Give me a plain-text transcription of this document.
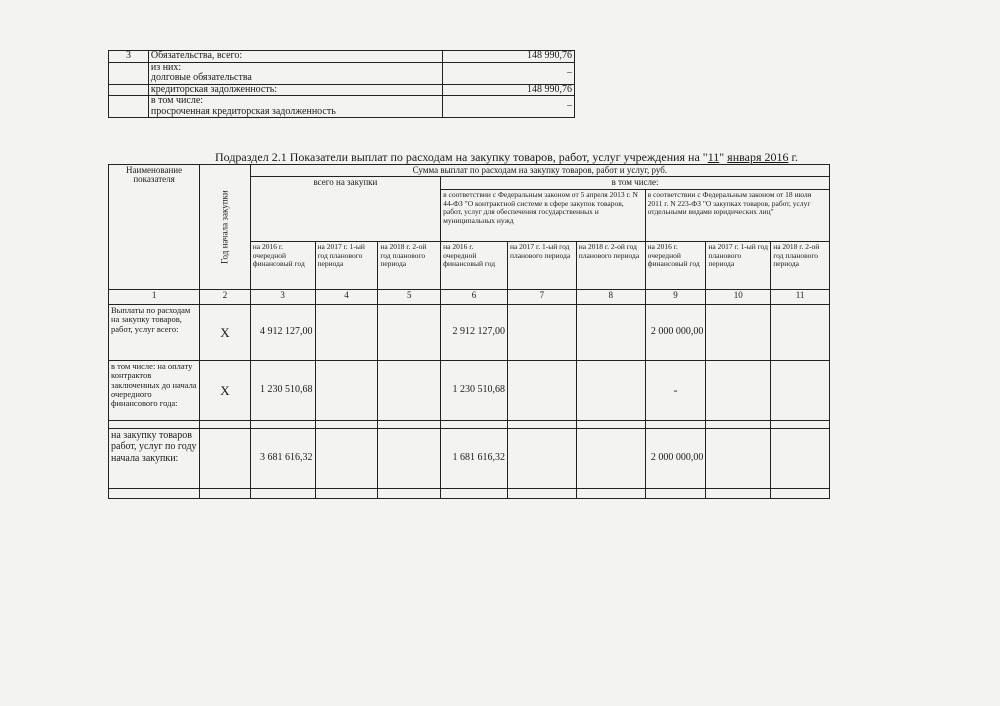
3	Обязательства, всего:	148 990,76
	из них:
долговые обязательства	–
	кредиторская задолженность:	148 990,76
	в том числе:
просроченная кредиторская задолженность	–
Подраздел 2.1 Показатели выплат по расходам на закупку товаров, работ, услуг учреждения на "11" января 2016 г.
Наименование показателя	Год начала закупки	Сумма выплат по расходам на закупку товаров, работ и услуг, руб.								
		всего на закупки			в том числе:					
					в соответствии с Федеральным законом от 5 апреля 2013 г. N 44-ФЗ "О контрактной системе в сфере закупок товаров, работ, услуг для обеспечения государственных и муниципальных нужд			в соответствии с Федеральным законом от 18 июля 2011 г. N 223-ФЗ "О закупках товаров, работ, услуг отдельными видами юридических лиц"		
		на 2016 г. очередной финансовый год	на 2017 г. 1-ый год планового периода	на 2018 г. 2-ой год планового периода	на 2016 г. очередной финансовый год	на 2017 г. 1-ый год планового периода	на 2018 г. 2-ой год планового периода	на 2016 г. очередной финансовый год	на 2017 г. 1-ый год планового периода	на 2018 г. 2-ой год планового периода
1	2	3	4	5	6	7	8	9	10	11
Выплаты по расходам на закупку товаров, работ, услуг всего:	Х	4 912 127,00			2 912 127,00			2 000 000,00		
в том числе: на оплату контрактов заключенных до начала очередного финансового года:	Х	1 230 510,68			1 230 510,68			-		

на закупку товаров работ, услуг по году начала закупки:		3 681 616,32			1 681 616,32			2 000 000,00		
